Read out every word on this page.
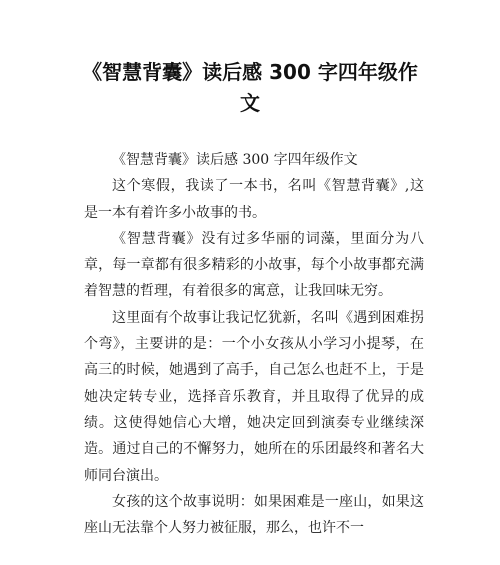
《智慧背囊》读后感 300 字四年级作文

《智慧背囊》读后感 300 字四年级作文

这个寒假，我读了一本书，名叫《智慧背囊》,这是一本有着许多小故事的书。

《智慧背囊》没有过多华丽的词藻，里面分为八章，每一章都有很多精彩的小故事，每个小故事都充满着智慧的哲理，有着很多的寓意，让我回味无穷。

这里面有个故事让我记忆犹新，名叫《遇到困难拐个弯》，主要讲的是：一个小女孩从小学习小提琴，在高三的时候，她遇到了高手，自己怎么也赶不上，于是她决定转专业，选择音乐教育，并且取得了优异的成绩。这使得她信心大增，她决定回到演奏专业继续深造。通过自己的不懈努力，她所在的乐团最终和著名大师同台演出。

女孩的这个故事说明：如果困难是一座山，如果这座山无法靠个人努力被征服，那么，也许不一
